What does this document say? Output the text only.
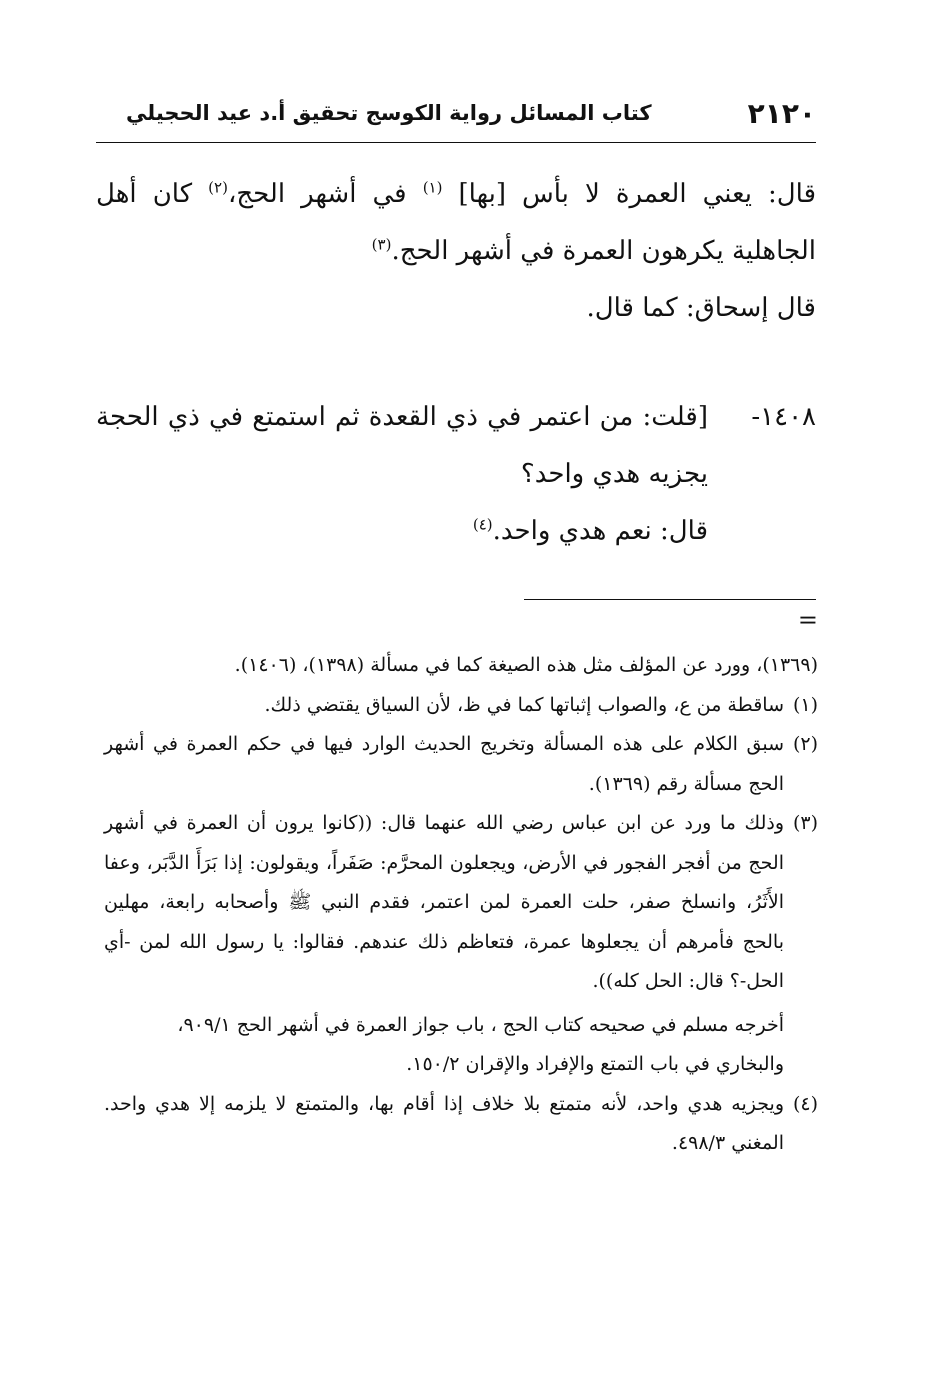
٢١٢٠
كتاب المسائل رواية الكوسج تحقيق أ.د عيد الحجيلي

قال: يعني العمرة لا بأس [بها] $^{(١)}$ في أشهر الحج،$^{(٢)}$ كان أهل الجاهلية يكرهون العمرة في أشهر الحج.$^{(٣)}$

قال إسحاق: كما قال.

١٤٠٨-

[قلت: من اعتمر في ذي القعدة ثم استمتع في ذي الحجة يجزيه هدي واحد؟

قال: نعم هدي واحد.$^{(٤)}$

=

(١٣٦٩)، وورد عن المؤلف مثل هذه الصيغة كما في مسألة (١٣٩٨)، (١٤٠٦).

(١)
ساقطة من ع، والصواب إثباتها كما في ظ، لأن السياق يقتضي ذلك.
(٢)
سبق الكلام على هذه المسألة وتخريج الحديث الوارد فيها في حكم العمرة في أشهر الحج مسألة رقم (١٣٦٩).
(٣)
وذلك ما ورد عن ابن عباس رضي الله عنهما قال: ((كانوا يرون أن العمرة في أشهر الحج من أفجر الفجور في الأرض، ويجعلون المحرَّم: صَفَراً، ويقولون: إذا بَرَأَ الدَّبَر، وعفا الأَثَرُ، وانسلخ صفر، حلت العمرة لمن اعتمر، فقدم النبي ﷺ وأصحابه رابعة، مهلين بالحج فأمرهم أن يجعلوها عمرة، فتعاظم ذلك عندهم. فقالوا: يا رسول الله لمن -أي الحل-؟ قال: الحل كله)).

أخرجه مسلم في صحيحه كتاب الحج ، باب جواز العمرة في أشهر الحج ٩٠٩/١، والبخاري في باب التمتع والإفراد والإقران ١٥٠/٢.

(٤)
ويجزيه هدي واحد، لأنه متمتع بلا خلاف إذا أقام بها، والمتمتع لا يلزمه إلا هدي واحد. المغني ٤٩٨/٣.
